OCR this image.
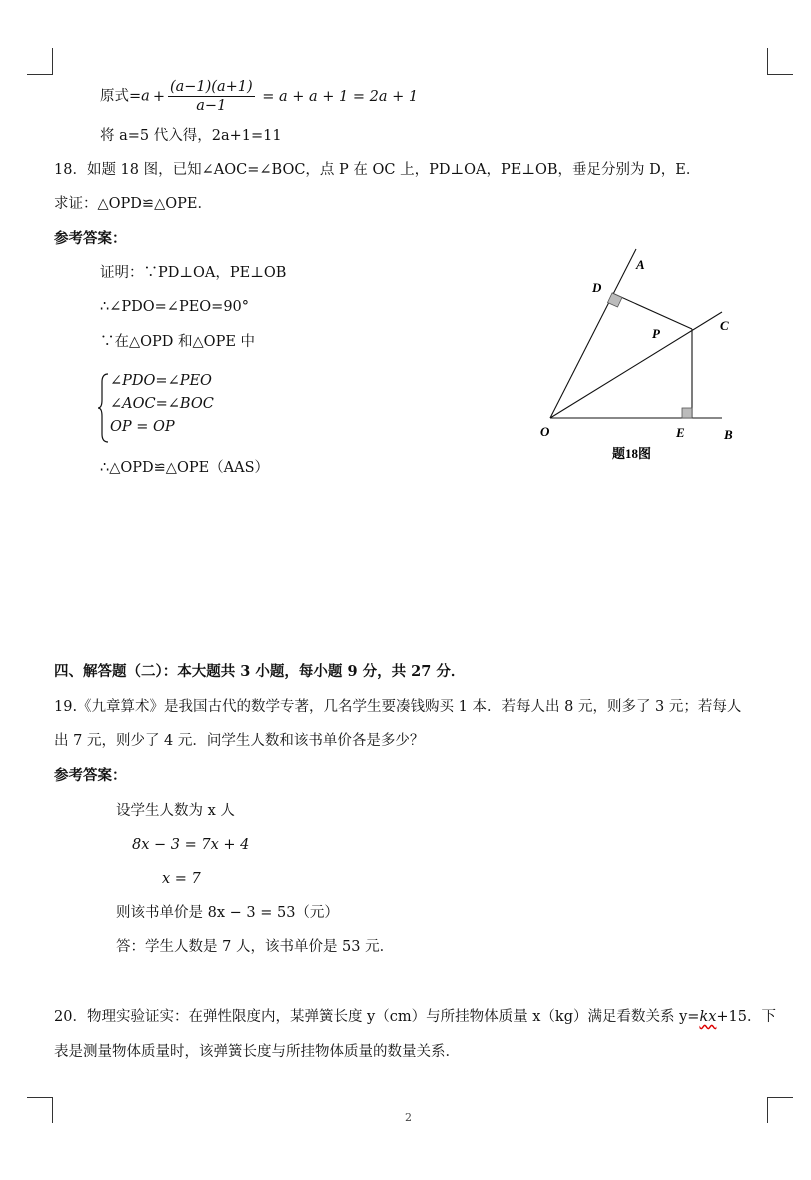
原式$=a + \frac{(a-1)(a+1)}{a-1} = a + a + 1 = 2a + 1$
将 a=5 代入得，2a+1=11
18．如题 18 图，已知∠AOC=∠BOC，点 P 在 OC 上，PD⊥OA，PE⊥OB，垂足分别为 D，E．
求证：△OPD≌△OPE．
参考答案：
证明：∵PD⊥OA，PE⊥OB
∴∠PDO=∠PEO=90°
∵在△OPD 和△OPE 中
∠PDO=∠PEO
∠AOC=∠BOC
OP = OP
∴△OPD≌△OPE（AAS）
A
D
C
P
O	E	B
题18图
四、解答题（二）：本大题共 3 小题，每小题 9 分，共 27 分．
19.《九章算术》是我国古代的数学专著，几名学生要凑钱购买 1 本．若每人出 8 元，则多了 3 元；若每人
出 7 元，则少了 4 元．问学生人数和该书单价各是多少？
参考答案：
设学生人数为 x 人
8x − 3 = 7x + 4
x = 7
则该书单价是 8x − 3 = 53（元）
答：学生人数是 7 人，该书单价是 53 元．
20．物理实验证实：在弹性限度内，某弹簧长度 y（cm）与所挂物体质量 x（kg）满足看数关系 y=kx+15．下
表是测量物体质量时，该弹簧长度与所挂物体质量的数量关系．
2
